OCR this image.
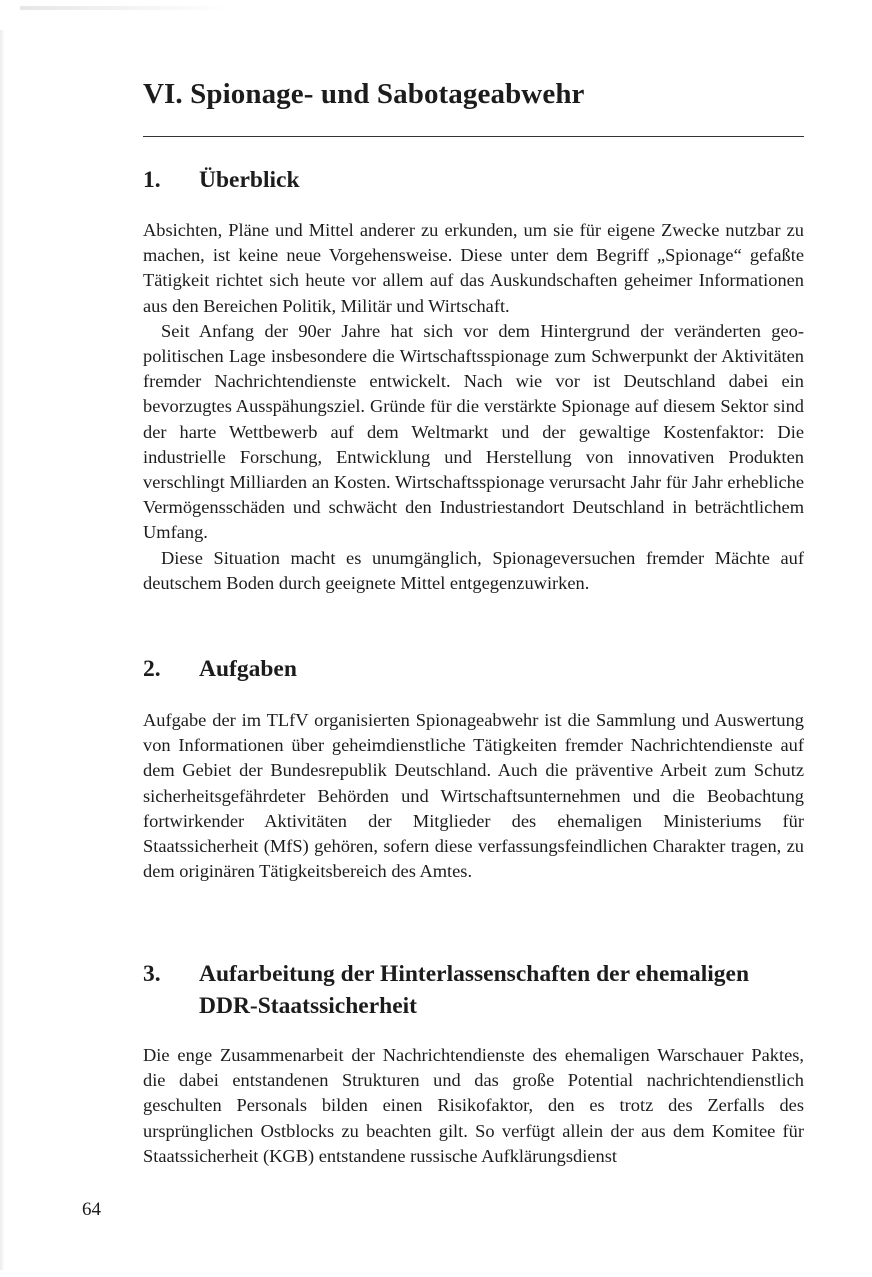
VI. Spionage- und Sabotageabwehr
1. Überblick

Absichten, Pläne und Mittel anderer zu erkunden, um sie für eigene Zwecke nutzbar zu machen, ist keine neue Vorgehensweise. Diese unter dem Begriff „Spionage“ gefaßte Tätigkeit richtet sich heute vor allem auf das Auskundschaften geheimer Informationen aus den Bereichen Politik, Militär und Wirtschaft.

Seit Anfang der 90er Jahre hat sich vor dem Hintergrund der veränderten geopolitischen Lage insbesondere die Wirtschaftsspionage zum Schwerpunkt der Aktivitäten fremder Nachrichtendienste entwickelt. Nach wie vor ist Deutschland dabei ein bevorzugtes Ausspähungsziel. Gründe für die verstärkte Spionage auf diesem Sektor sind der harte Wettbewerb auf dem Weltmarkt und der gewaltige Kostenfaktor: Die industrielle Forschung, Entwicklung und Herstellung von innovativen Produkten verschlingt Milliarden an Kosten. Wirtschaftsspionage verursacht Jahr für Jahr erhebliche Vermögensschäden und schwächt den Industriestandort Deutschland in beträchtlichem Umfang.

Diese Situation macht es unumgänglich, Spionageversuchen fremder Mächte auf deutschem Boden durch geeignete Mittel entgegenzuwirken.

2. Aufgaben

Aufgabe der im TLfV organisierten Spionageabwehr ist die Sammlung und Auswertung von Informationen über geheimdienstliche Tätigkeiten fremder Nachrichtendienste auf dem Gebiet der Bundesrepublik Deutschland. Auch die präventive Arbeit zum Schutz sicherheitsgefährdeter Behörden und Wirtschaftsunternehmen und die Beobachtung fortwirkender Aktivitäten der Mitglieder des ehemaligen Ministeriums für Staatssicherheit (MfS) gehören, sofern diese verfassungsfeindlichen Charakter tragen, zu dem originären Tätigkeitsbereich des Amtes.

3. Aufarbeitung der Hinterlassenschaften der ehemaligen DDR-Staatssicherheit

Die enge Zusammenarbeit der Nachrichtendienste des ehemaligen Warschauer Paktes, die dabei entstandenen Strukturen und das große Potential nachrichtendienstlich geschulten Personals bilden einen Risikofaktor, den es trotz des Zerfalls des ursprünglichen Ostblocks zu beachten gilt. So verfügt allein der aus dem Komitee für Staatssicherheit (KGB) entstandene russische Aufklärungsdienst

64
